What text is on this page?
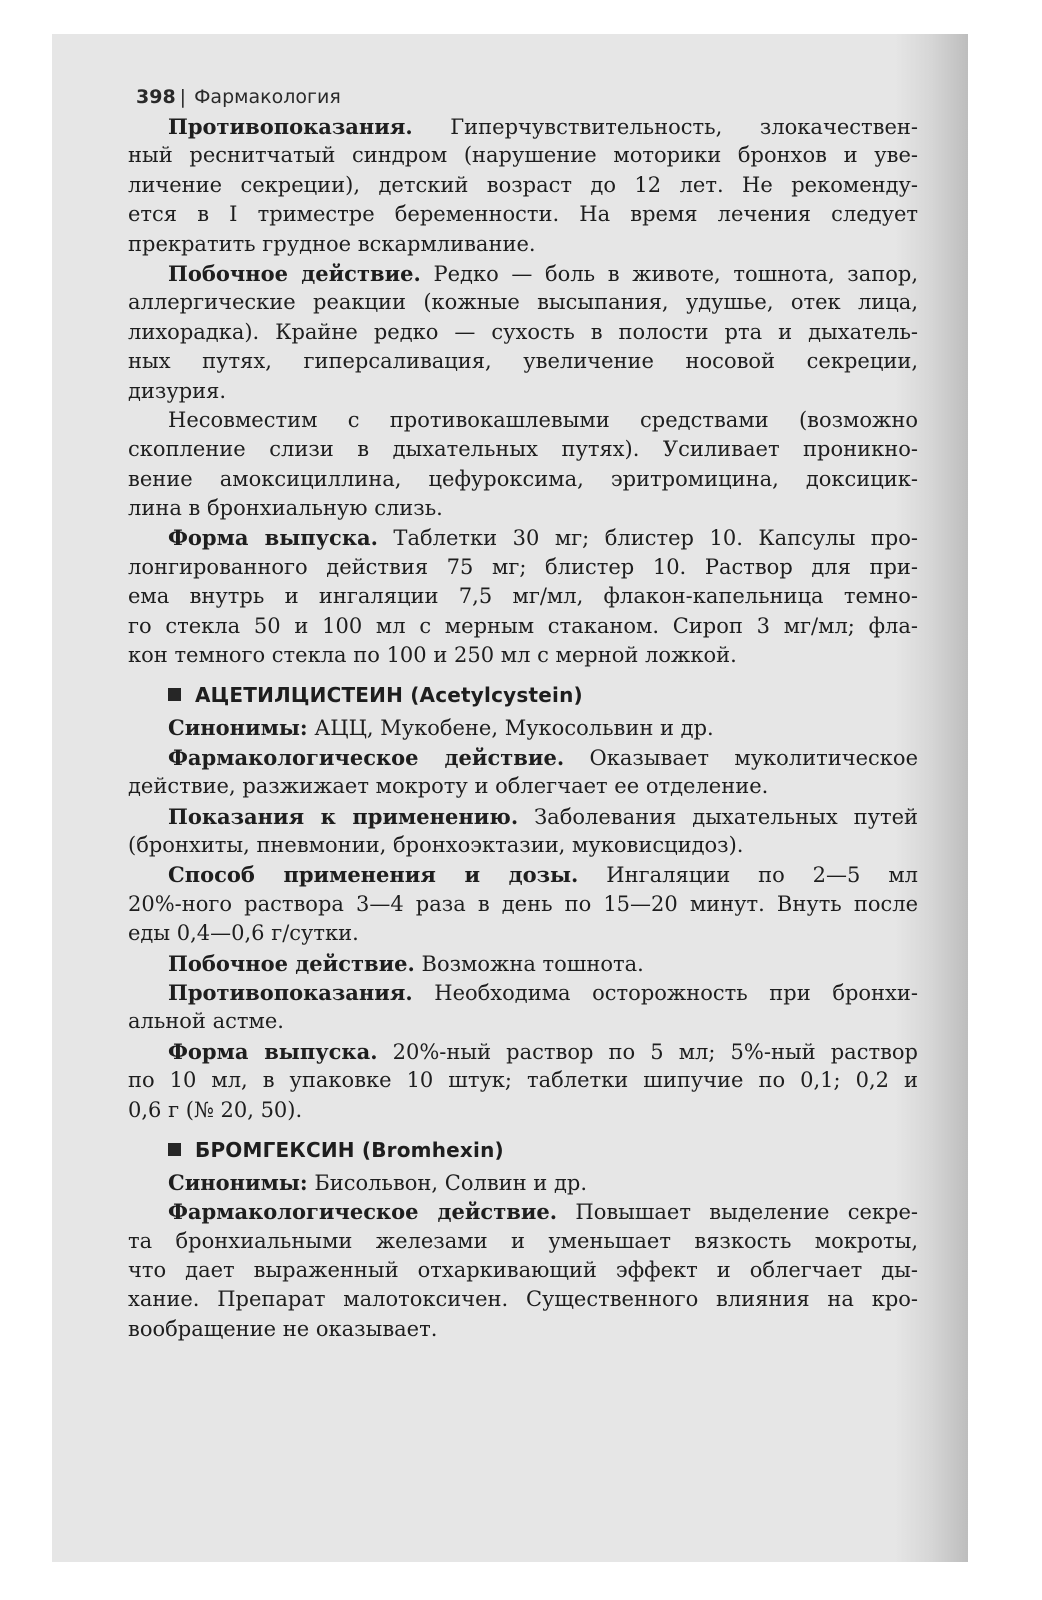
398 | Фармакология
Противопоказания. Гиперчувствительность, злокачествен-
ный реснитчатый синдром (нарушение моторики бронхов и уве-
личение секреции), детский возраст до 12 лет. Не рекоменду-
ется в I триместре беременности. На время лечения следует
прекратить грудное вскармливание.
Побочное действие. Редко — боль в животе, тошнота, запор,
аллергические реакции (кожные высыпания, удушье, отек лица,
лихорадка). Крайне редко — сухость в полости рта и дыхатель-
ных путях, гиперсаливация, увеличение носовой секреции,
дизурия.
Несовместим с противокашлевыми средствами (возможно
скопление слизи в дыхательных путях). Усиливает проникно-
вение амоксициллина, цефуроксима, эритромицина, доксицик-
лина в бронхиальную слизь.
Форма выпуска. Таблетки 30 мг; блистер 10. Капсулы про-
лонгированного действия 75 мг; блистер 10. Раствор для при-
ема внутрь и ингаляции 7,5 мг/мл, флакон-капельница темно-
го стекла 50 и 100 мл с мерным стаканом. Сироп 3 мг/мл; фла-
кон темного стекла по 100 и 250 мл с мерной ложкой.
АЦЕТИЛЦИСТЕИН (Acetylcystein)
Синонимы: АЦЦ, Мукобене, Мукосольвин и др.
Фармакологическое действие. Оказывает муколитическое
действие, разжижает мокроту и облегчает ее отделение.
Показания к применению. Заболевания дыхательных путей
(бронхиты, пневмонии, бронхоэктазии, муковисцидоз).
Способ применения и дозы. Ингаляции по 2—5 мл
20%-ного раствора 3—4 раза в день по 15—20 минут. Внуть после
еды 0,4—0,6 г/сутки.
Побочное действие. Возможна тошнота.
Противопоказания. Необходима осторожность при бронхи-
альной астме.
Форма выпуска. 20%-ный раствор по 5 мл; 5%-ный раствор
по 10 мл, в упаковке 10 штук; таблетки шипучие по 0,1; 0,2 и
0,6 г (№ 20, 50).
БРОМГЕКСИН (Bromhexin)
Синонимы: Бисольвон, Солвин и др.
Фармакологическое действие. Повышает выделение секре-
та бронхиальными железами и уменьшает вязкость мокроты,
что дает выраженный отхаркивающий эффект и облегчает ды-
хание. Препарат малотоксичен. Существенного влияния на кро-
вообращение не оказывает.
